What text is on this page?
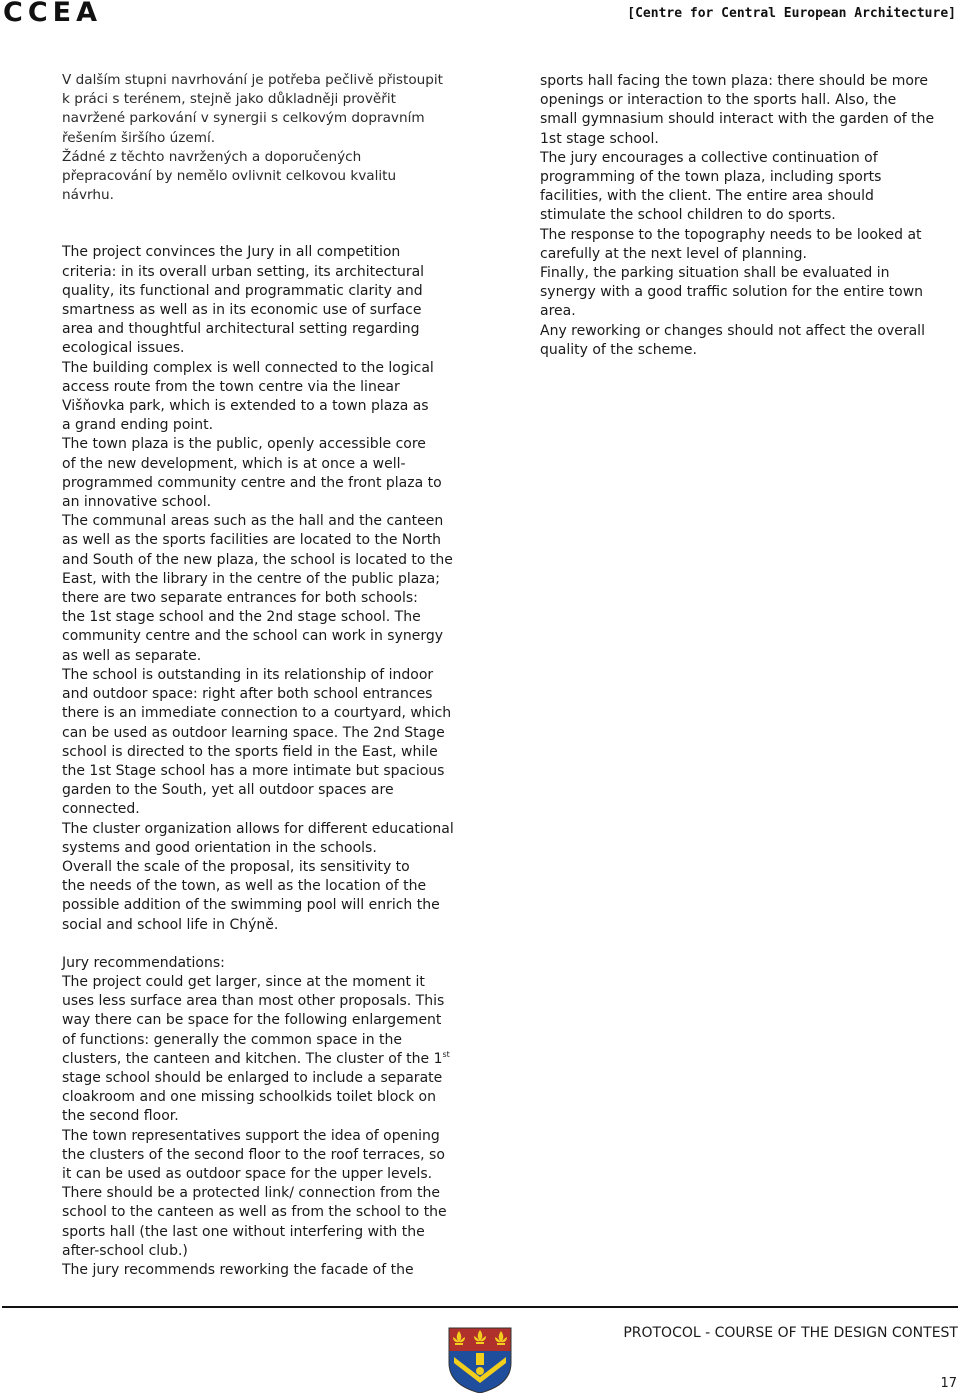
CCEA	[Centre for Central European Architecture]

V dalším stupni navrhování je potřeba pečlivě přistoupit

k práci s terénem, stejně jako důkladněji prověřit

navržené parkování v synergii s celkovým dopravním

řešením širšího území.

Žádné z těchto navržených a doporučených

přepracování by nemělo ovlivnit celkovou kvalitu

návrhu.

The project convinces the Jury in all competition

criteria: in its overall urban setting, its architectural

quality, its functional and programmatic clarity and

smartness as well as in its economic use of surface

area and thoughtful architectural setting regarding

ecological issues.

The building complex is well connected to the logical

access route from the town centre via the linear

Višňovka park, which is extended to a town plaza as

a grand ending point.

The town plaza is the public, openly accessible core

of the new development, which is at once a well-

programmed community centre and the front plaza to

an innovative school.

The communal areas such as the hall and the canteen

as well as the sports facilities are located to the North

and South of the new plaza, the school is located to the

East, with the library in the centre of the public plaza;

there are two separate entrances for both schools:

the 1st stage school and the 2nd stage school. The

community centre and the school can work in synergy

as well as separate.

The school is outstanding in its relationship of indoor

and outdoor space: right after both school entrances

there is an immediate connection to a courtyard, which

can be used as outdoor learning space. The 2nd Stage

school is directed to the sports field in the East, while

the 1st Stage school has a more intimate but spacious

garden to the South, yet all outdoor spaces are

connected.

The cluster organization allows for different educational

systems and good orientation in the schools.

Overall the scale of the proposal, its sensitivity to

the needs of the town, as well as the location of the

possible addition of the swimming pool will enrich the

social and school life in Chýně.

Jury recommendations:

The project could get larger, since at the moment it

uses less surface area than most other proposals. This

way there can be space for the following enlargement

of functions: generally the common space in the

clusters, the canteen and kitchen. The cluster of the 1st

stage school should be enlarged to include a separate

cloakroom and one missing schoolkids toilet block on

the second floor.

The town representatives support the idea of opening

the clusters of the second floor to the roof terraces, so

it can be used as outdoor space for the upper levels.

There should be a protected link/ connection from the

school to the canteen as well as from the school to the

sports hall (the last one without interfering with the

after-school club.)

The jury recommends reworking the facade of the

sports hall facing the town plaza: there should be more

openings or interaction to the sports hall. Also, the

small gymnasium should interact with the garden of the

1st stage school.

The jury encourages a collective continuation of

programming of the town plaza, including sports

facilities, with the client. The entire area should

stimulate the school children to do sports.

The response to the topography needs to be looked at

carefully at the next level of planning.

Finally, the parking situation shall be evaluated in

synergy with a good traffic solution for the entire town

area.

Any reworking or changes should not affect the overall

quality of the scheme.

PROTOCOL - COURSE OF THE DESIGN CONTEST
17
